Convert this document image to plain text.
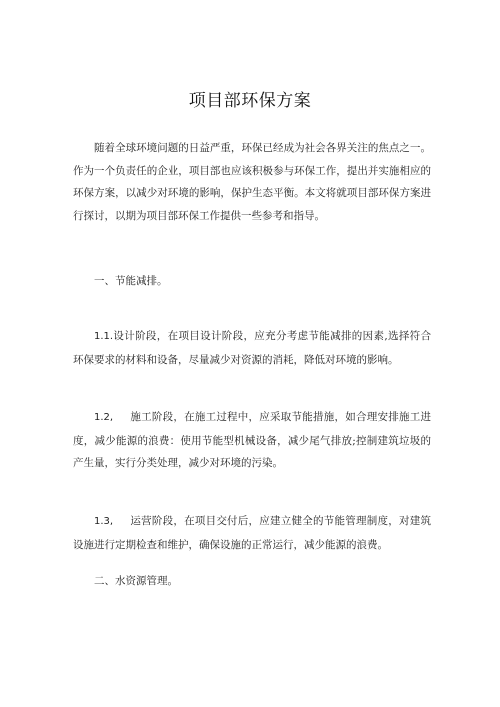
项目部环保方案
随着全球环境问题的日益严重，环保已经成为社会各界关注的焦点之一。作为一个负责任的企业，项目部也应该积极参与环保工作，提出并实施相应的环保方案，以减少对环境的影响，保护生态平衡。本文将就项目部环保方案进行探讨，以期为项目部环保工作提供一些参考和指导。
一、节能减排。
1.1.设计阶段，在项目设计阶段，应充分考虑节能减排的因素,选择符合环保要求的材料和设备，尽量减少对资源的消耗，降低对环境的影响。
1.2, 施工阶段，在施工过程中，应采取节能措施，如合理安排施工进度，减少能源的浪费：使用节能型机械设备，减少尾气排放;控制建筑垃圾的产生量，实行分类处理，减少对环境的污染。
1.3, 运营阶段，在项目交付后，应建立健全的节能管理制度，对建筑设施进行定期检查和维护，确保设施的正常运行，减少能源的浪费。
二、水资源管理。
